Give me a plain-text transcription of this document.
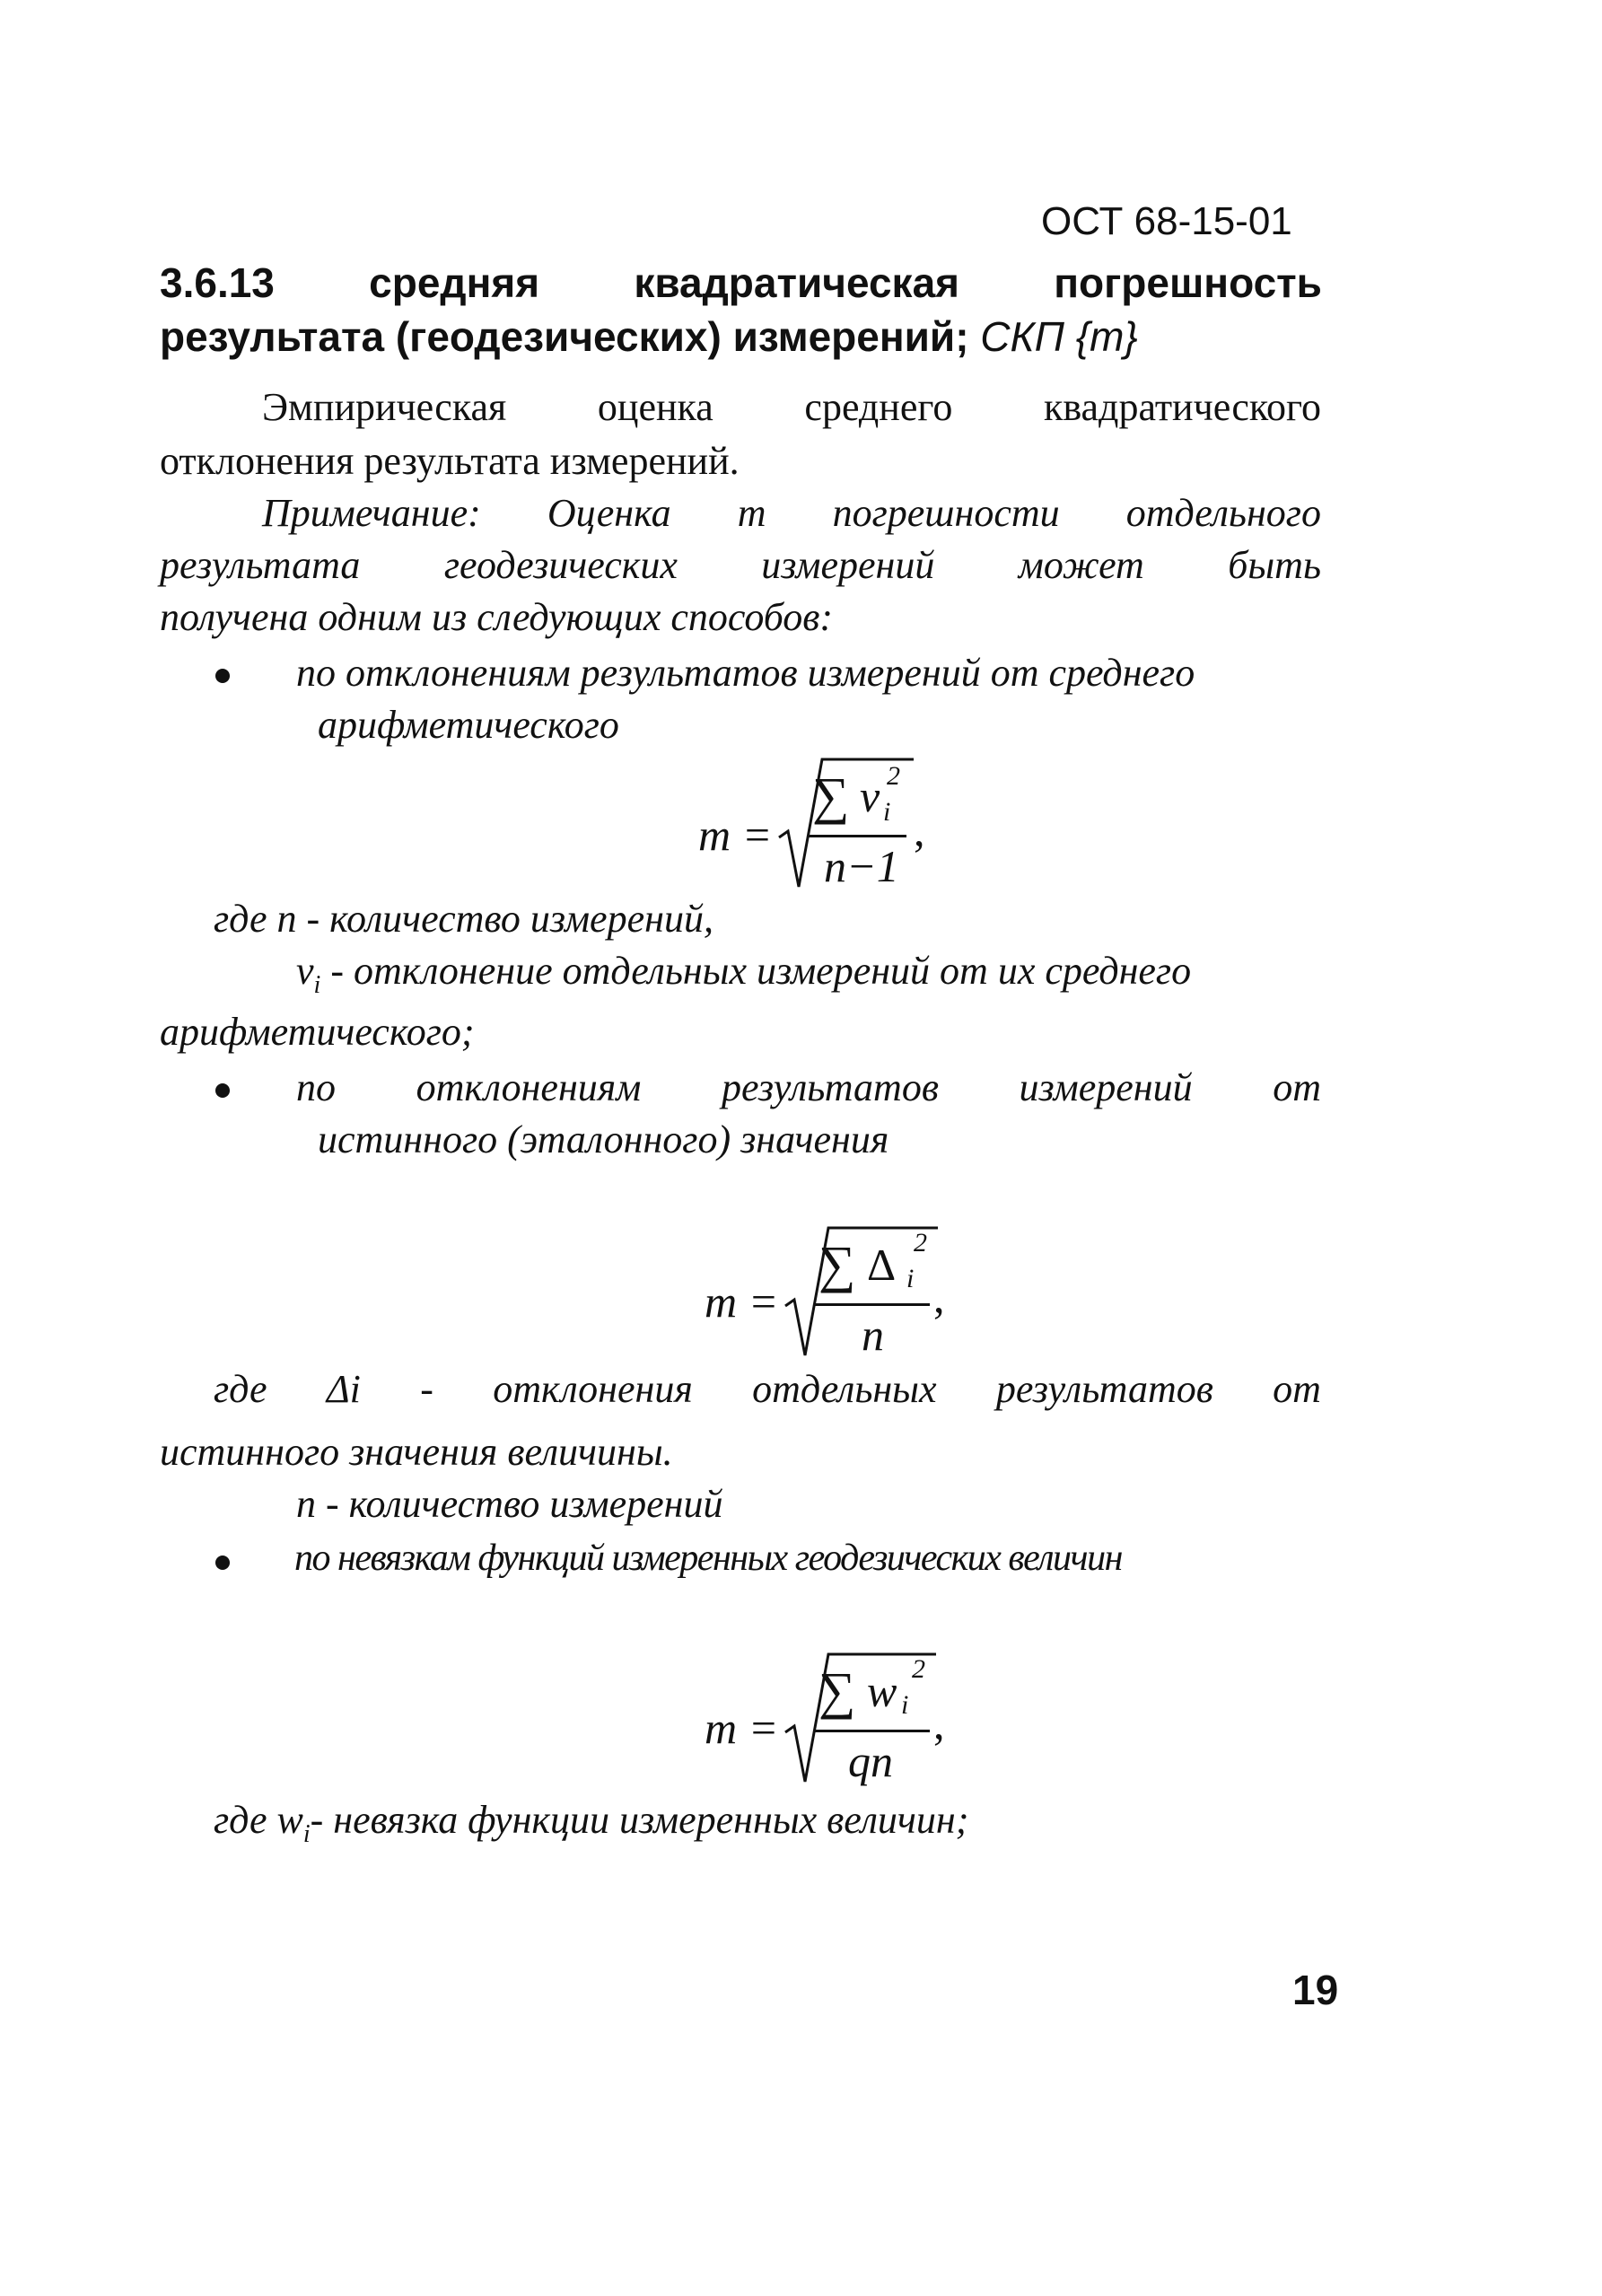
ОСТ 68-15-01
3.6.13 средняя квадратическая погрешность
результата (геодезических) измерений; СКП {m}
Эмпирическая оценка среднего квадратического
отклонения результата измерений.
Примечание: Оценка т погрешности отдельного
результата геодезических измерений может быть
получена одним из следующих способов:
по отклонениям результатов измерений от среднего
арифметического
m =
∑ v 2
i
n−1
,
где n - количество измерений,
$v_i$ - отклонение отдельных измерений от их среднего
арифметического;
по отклонениям результатов измерений от
истинного (эталонного) значения
m =
∑ Δ 2
i
n
,
где Δi - отклонения отдельных результатов от
истинного значения величины.
n - количество измерений
по невязкам функций измеренных геодезических величин
m =
∑ w 2
i
qn
,
где $w_i-$ невязка функции измеренных величин;
19
